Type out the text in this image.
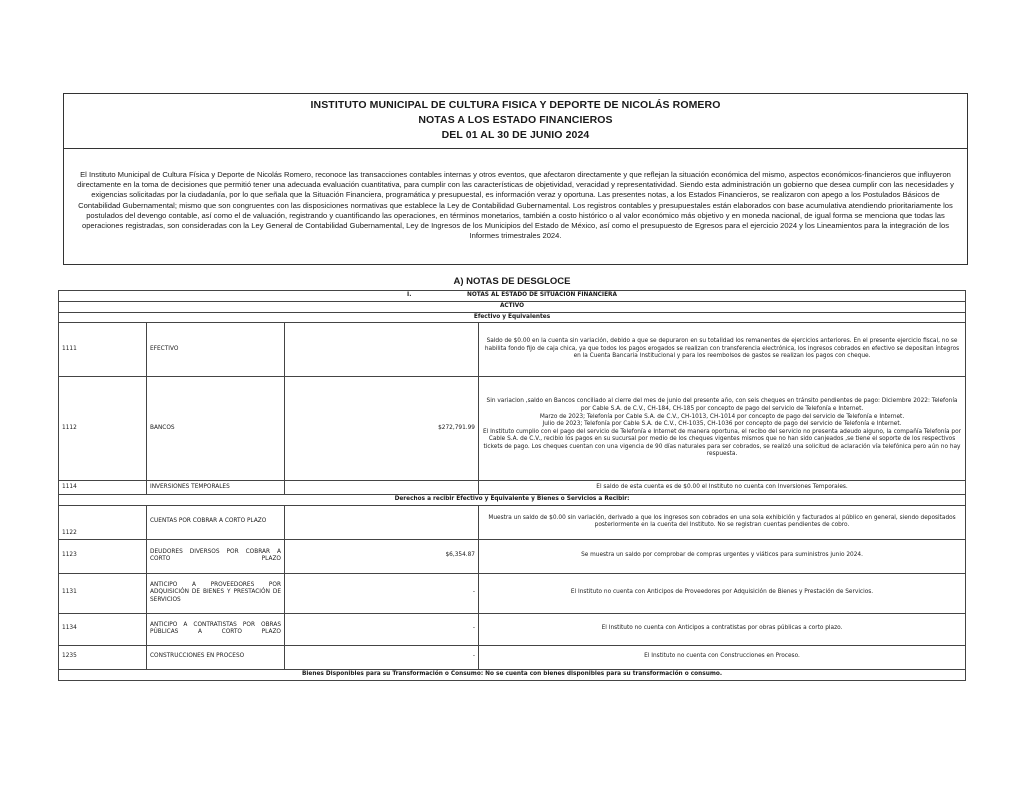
INSTITUTO MUNICIPAL DE CULTURA FISICA Y DEPORTE DE NICOLÁS ROMERO
NOTAS A LOS ESTADO FINANCIEROS
DEL 01 AL 30 DE JUNIO 2024
El Instituto Municipal de Cultura Física y Deporte de Nicolás Romero, reconoce las transacciones contables internas y otros eventos, que afectaron directamente y que reflejan la situación económica del mismo, aspectos económicos-financieros que influyeron directamente en la toma de decisiones que permitió tener una adecuada evaluación cuantitativa, para cumplir con las características de objetividad, veracidad y representatividad. Siendo esta administración un gobierno que desea cumplir con las necesidades y exigencias solicitadas por la ciudadanía, por lo que señala que la Situación Financiera, programática y presupuestal, es información veraz y oportuna. Las presentes notas, a los Estados Financieros, se realizaron con apego a los Postulados Básicos de Contabilidad Gubernamental; mismo que son congruentes con las disposiciones normativas que establece la Ley de Contabilidad Gubernamental. Los registros contables y presupuestales están elaborados con base acumulativa atendiendo prioritariamente los postulados del devengo contable, así como el de valuación, registrando y cuantificando las operaciones, en términos monetarios, también a costo histórico o al valor económico más objetivo y en moneda nacional, de igual forma se menciona que todas las operaciones registradas, son consideradas con la Ley General de Contabilidad Gubernamental, Ley de Ingresos de los Municipios del Estado de México, así como el presupuesto de Egresos para el ejercicio 2024 y los Lineamientos para la integración de los Informes trimestrales 2024.
A) NOTAS DE DESGLOCE
I. NOTAS AL ESTADO DE SITUACIÓN FINANCIERA			
ACTIVO			
Efectivo y Equivalentes			
1111	EFECTIVO		Saldo de $0.00 en la cuenta sin variación, debido a que se depuraron en su totalidad los remanentes de ejercicios anteriores. En el presente ejercicio fiscal, no se habilita fondo fijo de caja chica, ya que todos los pagos erogados se realizan con transferencia electrónica, los ingresos cobrados en efectivo se depositan íntegros en la Cuenta Bancaria Institucional y para los reembolsos de gastos se realizan los pagos con cheque.
1112	BANCOS	$272,791.99	Sin variacion ,saldo en Bancos conciliado al cierre del mes de junio del presente año, con seis cheques en tránsito pendientes de pago: Diciembre 2022: Telefonía por Cable S.A. de C.V., CH-184, CH-185 por concepto de pago del servicio de Telefonía e Internet.
Marzo de 2023; Telefonía por Cable S.A. de C.V., CH-1013, CH-1014 por concepto de pago del servicio de Telefonía e Internet.
Julio de 2023; Telefonía por Cable S.A. de C.V., CH-1035, CH-1036 por concepto de pago del servicio de Telefonía e Internet.
El Instituto cumplio con el pago del servicio de Telefonía e Internet de manera oportuna, el recibo del servicio no presenta adeudo alguno, la compañía Telefonía por Cable S.A. de C.V., recibio los pagos en su sucursal por medio de los cheques vigentes mismos que no han sido canjeados ,se tiene el soporte de los respectivos tickets de pago. Los cheques cuentan con una vigencia de 90 días naturales para ser cobrados, se realizó una solicitud de aclaración vía telefónica pero aún no hay respuesta.

1114	INVERSIONES TEMPORALES		El saldo de esta cuenta es de $0.00 el Instituto no cuenta con Inversiones Temporales.
Derechos a recibir Efectivo y Equivalente y Bienes o Servicios a Recibir:			
1122	CUENTAS POR COBRAR A CORTO PLAZO		Muestra un saldo de $0.00 sin variación, derivado a que los ingresos son cobrados en una sola exhibición y facturados al público en general, siendo depositados posteriormente en la cuenta del Instituto. No se registran cuentas pendientes de cobro.
1123	DEUDORES DIVERSOS POR COBRAR A CORTO PLAZO	$6,354.87	Se muestra un saldo por comprobar de compras urgentes y viáticos para suministros junio 2024.
1131	ANTICIPO A PROVEEDORES POR ADQUISICIÓN DE BIENES Y PRESTACIÓN DE SERVICIOS	-	El Instituto no cuenta con Anticipos de Proveedores por Adquisición de Bienes y Prestación de Servicios.
1134	ANTICIPO A CONTRATISTAS POR OBRAS PÚBLICAS A CORTO PLAZO	-	El Instituto no cuenta con Anticipos a contratistas por obras públicas a corto plazo.
1235	CONSTRUCCIONES EN PROCESO	-	El Instituto no cuenta con Construcciones en Proceso.
Bienes Disponibles para su Transformación o Consumo: No se cuenta con bienes disponibles para su transformación o consumo.			
